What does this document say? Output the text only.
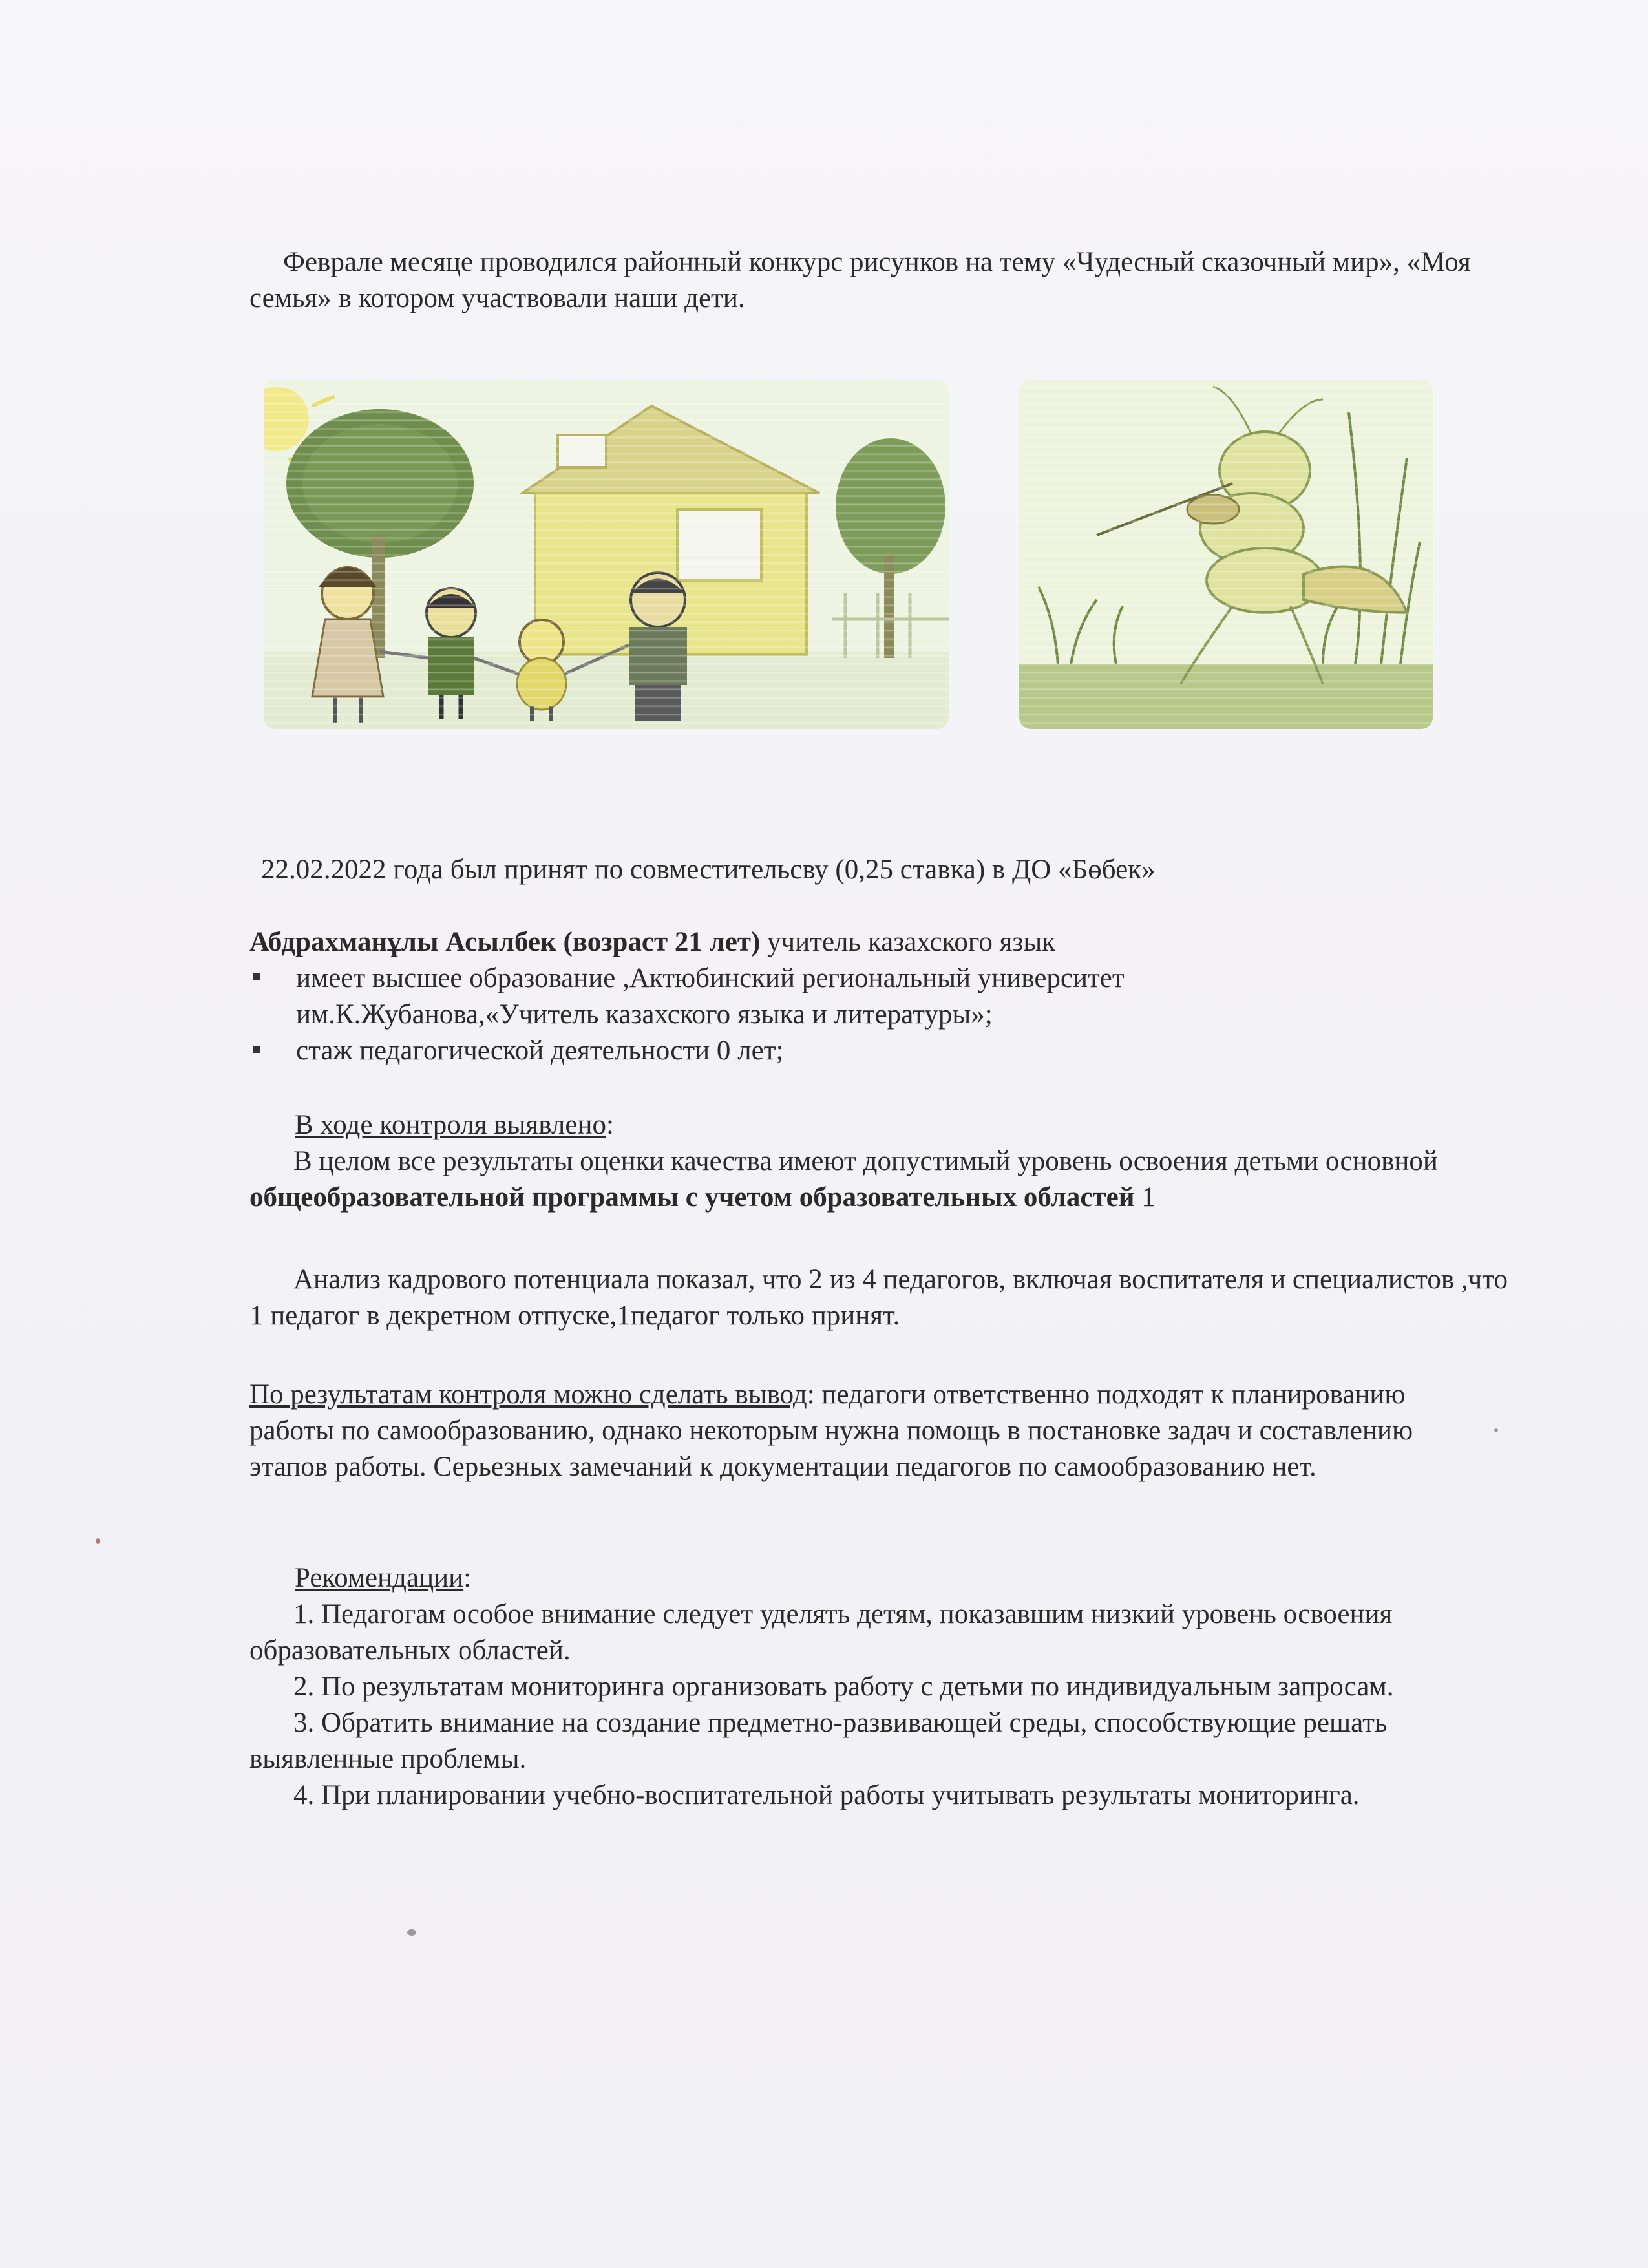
Феврале месяце проводился районный конкурс рисунков на тему «Чудесный сказочный мир», «Моя семья» в котором участвовали наши дети.

22.02.2022 года был принят по совместительсву (0,25 ставка) в ДО «Бөбек»

Абдрахманұлы Асылбек (возраст 21 лет) учитель казахского язык

имеет высшее образование ,Актюбинский региональный университет им.К.Жубанова,«Учитель казахского языка и литературы»;
стаж педагогической деятельности 0 лет;

В ходе контроля выявлено:

В целом все результаты оценки качества имеют допустимый уровень освоения детьми основной общеобразовательной программы с учетом образовательных областей 1

Анализ кадрового потенциала показал, что 2 из 4 педагогов, включая воспитателя и специалистов ,что 1 педагог в декретном отпуске,1педагог только принят.

По результатам контроля можно сделать вывод: педагоги ответственно подходят к планированию работы по самообразованию, однако некоторым нужна помощь в постановке задач и составлению этапов работы. Серьезных замечаний к документации педагогов по самообразованию нет.

Рекомендации:

1. Педагогам особое внимание следует уделять детям, показавшим низкий уровень освоения образовательных областей.

2. По результатам мониторинга организовать работу с детьми по индивидуальным запросам.

3. Обратить внимание на создание предметно-развивающей среды, способствующие решать выявленные проблемы.

4. При планировании учебно-воспитательной работы учитывать результаты мониторинга.
